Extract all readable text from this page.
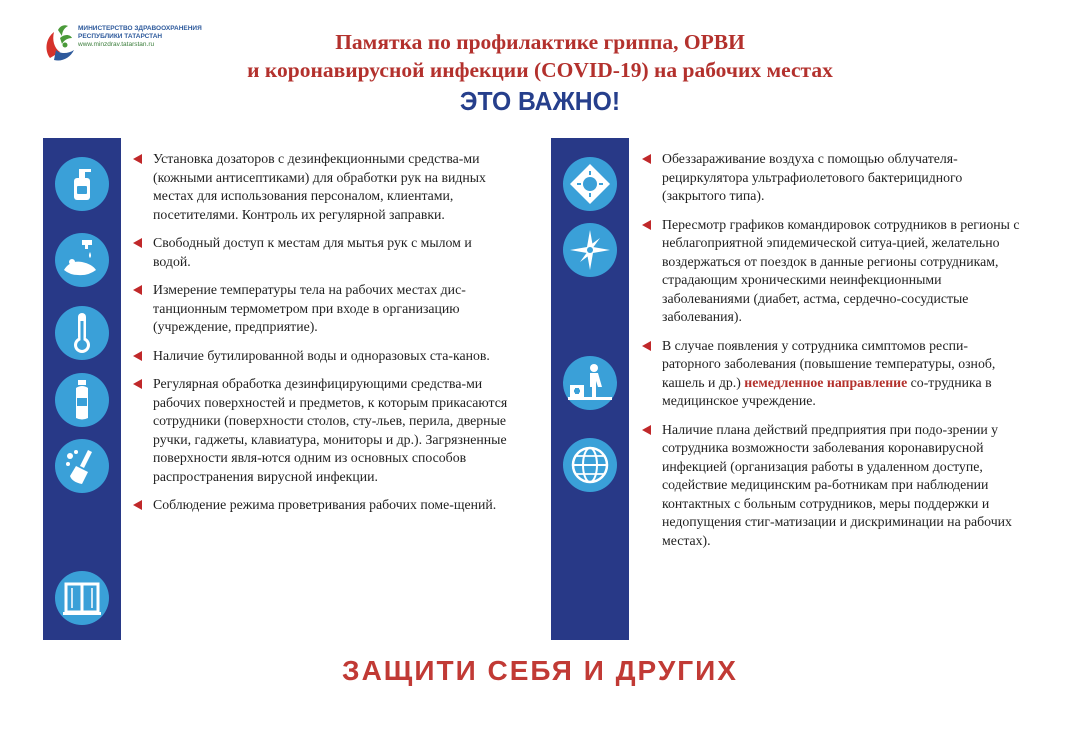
МИНИСТЕРСТВО ЗДРАВООХРАНЕНИЯ
РЕСПУБЛИКИ ТАТАРСТАН
www.minzdrav.tatarstan.ru	Памятка по профилактике гриппа, ОРВИ
и коронавирусной инфекции (COVID-19) на рабочих местах
ЭТО ВАЖНО!
Установка дозаторов с дезинфекционными средства-ми (кожными антисептиками) для обработки рук на видных местах для использования персоналом, клиентами, посетителями. Контроль их регулярной заправки.
Свободный доступ к местам для мытья рук с мылом и водой.
Измерение температуры тела на рабочих местах дис-танционным термометром при входе в организацию (учреждение, предприятие).
Наличие бутилированной воды и одноразовых ста-канов.
Регулярная обработка дезинфицирующими средства-ми рабочих поверхностей и предметов, к которым прикасаются сотрудники (поверхности столов, сту-льев, перила, дверные ручки, гаджеты, клавиатура, мониторы и др.). Загрязненные поверхности явля-ются одним из основных способов распространения вирусной инфекции.
Соблюдение режима проветривания рабочих поме-щений.
Обеззараживание воздуха с помощью облучателя-рециркулятора ультрафиолетового бактерицидного (закрытого типа).
Пересмотр графиков командировок сотрудников в регионы с неблагоприятной эпидемической ситуа-цией, желательно воздержаться от поездок в данные регионы сотрудникам, страдающим хроническими неинфекционными заболеваниями (диабет, астма, сердечно-сосудистые заболевания).
В случае появления у сотрудника симптомов респи-раторного заболевания (повышение температуры, озноб, кашель и др.) немедленное направление со-трудника в медицинское учреждение.
Наличие плана действий предприятия при подо-зрении у сотрудника возможности заболевания коронавирусной инфекцией (организация работы в удаленном доступе, содействие медицинским ра-ботникам при наблюдении контактных с больным сотрудников, меры поддержки и недопущения стиг-матизации и дискриминации на рабочих местах).
ЗАЩИТИ СЕБЯ И ДРУГИХ
